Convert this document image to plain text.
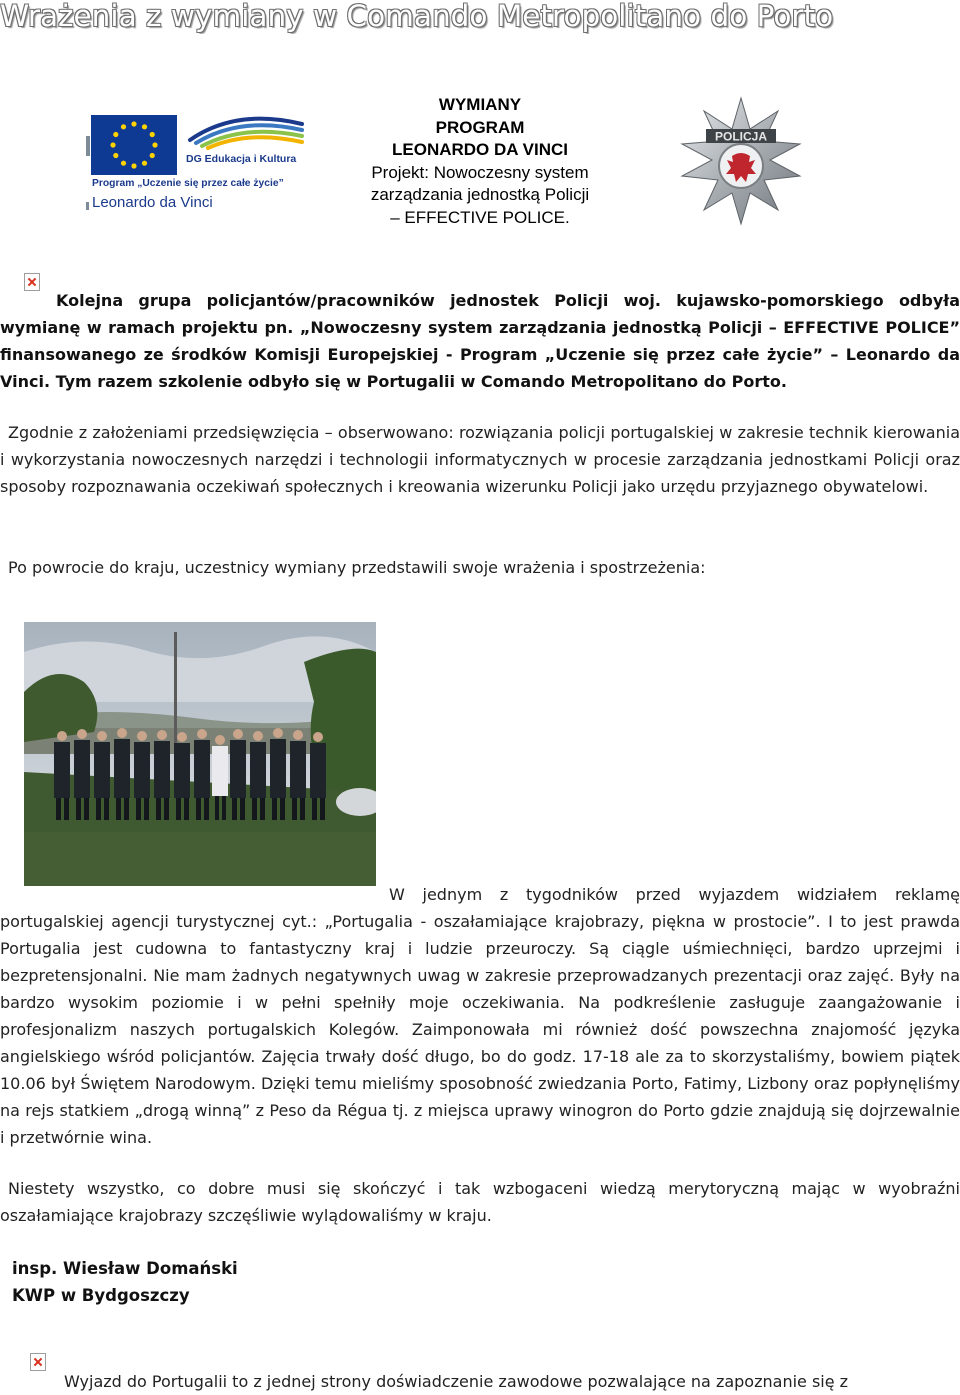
Wrażenia z wymiany w Comando Metropolitano do Porto
DG Edukacja i Kultura
Program „Uczenie się przez całe życie”
Leonardo da Vinci
WYMIANY
PROGRAM
LEONARDO DA VINCI
Projekt: Nowoczesny system
zarządzania jednostką Policji
– EFFECTIVE POLICE.
POLICJA

Kolejna grupa policjantów/pracowników jednostek Policji woj. kujawsko-pomorskiego odbyła wymianę w ramach projektu pn. „Nowoczesny system zarządzania jednostką Policji – EFFECTIVE POLICE” finansowanego ze środków Komisji Europejskiej - Program „Uczenie się przez całe życie” – Leonardo da Vinci. Tym razem szkolenie odbyło się w Portugalii w Comando Metropolitano do Porto.

Zgodnie z założeniami przedsięwzięcia – obserwowano: rozwiązania policji portugalskiej w zakresie technik kierowania i wykorzystania nowoczesnych narzędzi i technologii informatycznych w procesie zarządzania jednostkami Policji oraz sposoby rozpoznawania oczekiwań społecznych i kreowania wizerunku Policji jako urzędu przyjaznego obywatelowi.

Po powrocie do kraju, uczestnicy wymiany przedstawili swoje wrażenia i spostrzeżenia:

W jednym z tygodników przed wyjazdem widziałem reklamę portugalskiej agencji turystycznej cyt.: „Portugalia - oszałamiające krajobrazy, piękna w prostocie”. I to jest prawda Portugalia jest cudowna to fantastyczny kraj i ludzie przeuroczy. Są ciągle uśmiechnięci, bardzo uprzejmi i bezpretensjonalni. Nie mam żadnych negatywnych uwag w zakresie przeprowadzanych prezentacji oraz zajęć. Były na bardzo wysokim poziomie i w pełni spełniły moje oczekiwania. Na podkreślenie zasługuje zaangażowanie i profesjonalizm naszych portugalskich Kolegów. Zaimponowała mi również dość powszechna znajomość języka angielskiego wśród policjantów. Zajęcia trwały dość długo, bo do godz. 17-18 ale za to skorzystaliśmy, bowiem piątek 10.06 był Świętem Narodowym. Dzięki temu mieliśmy sposobność zwiedzania Porto, Fatimy, Lizbony oraz popłynęliśmy na rejs statkiem „drogą winną” z Peso da Régua tj. z miejsca uprawy winogron do Porto gdzie znajdują się dojrzewalnie i przetwórnie wina.

Niestety wszystko, co dobre musi się skończyć i tak wzbogaceni wiedzą merytoryczną mając w wyobraźni oszałamiające krajobrazy szczęśliwie wylądowaliśmy w kraju.

insp. Wiesław Domański
KWP w Bydgoszczy

Wyjazd do Portugalii to z jednej strony doświadczenie zawodowe pozwalające na zapoznanie się z
